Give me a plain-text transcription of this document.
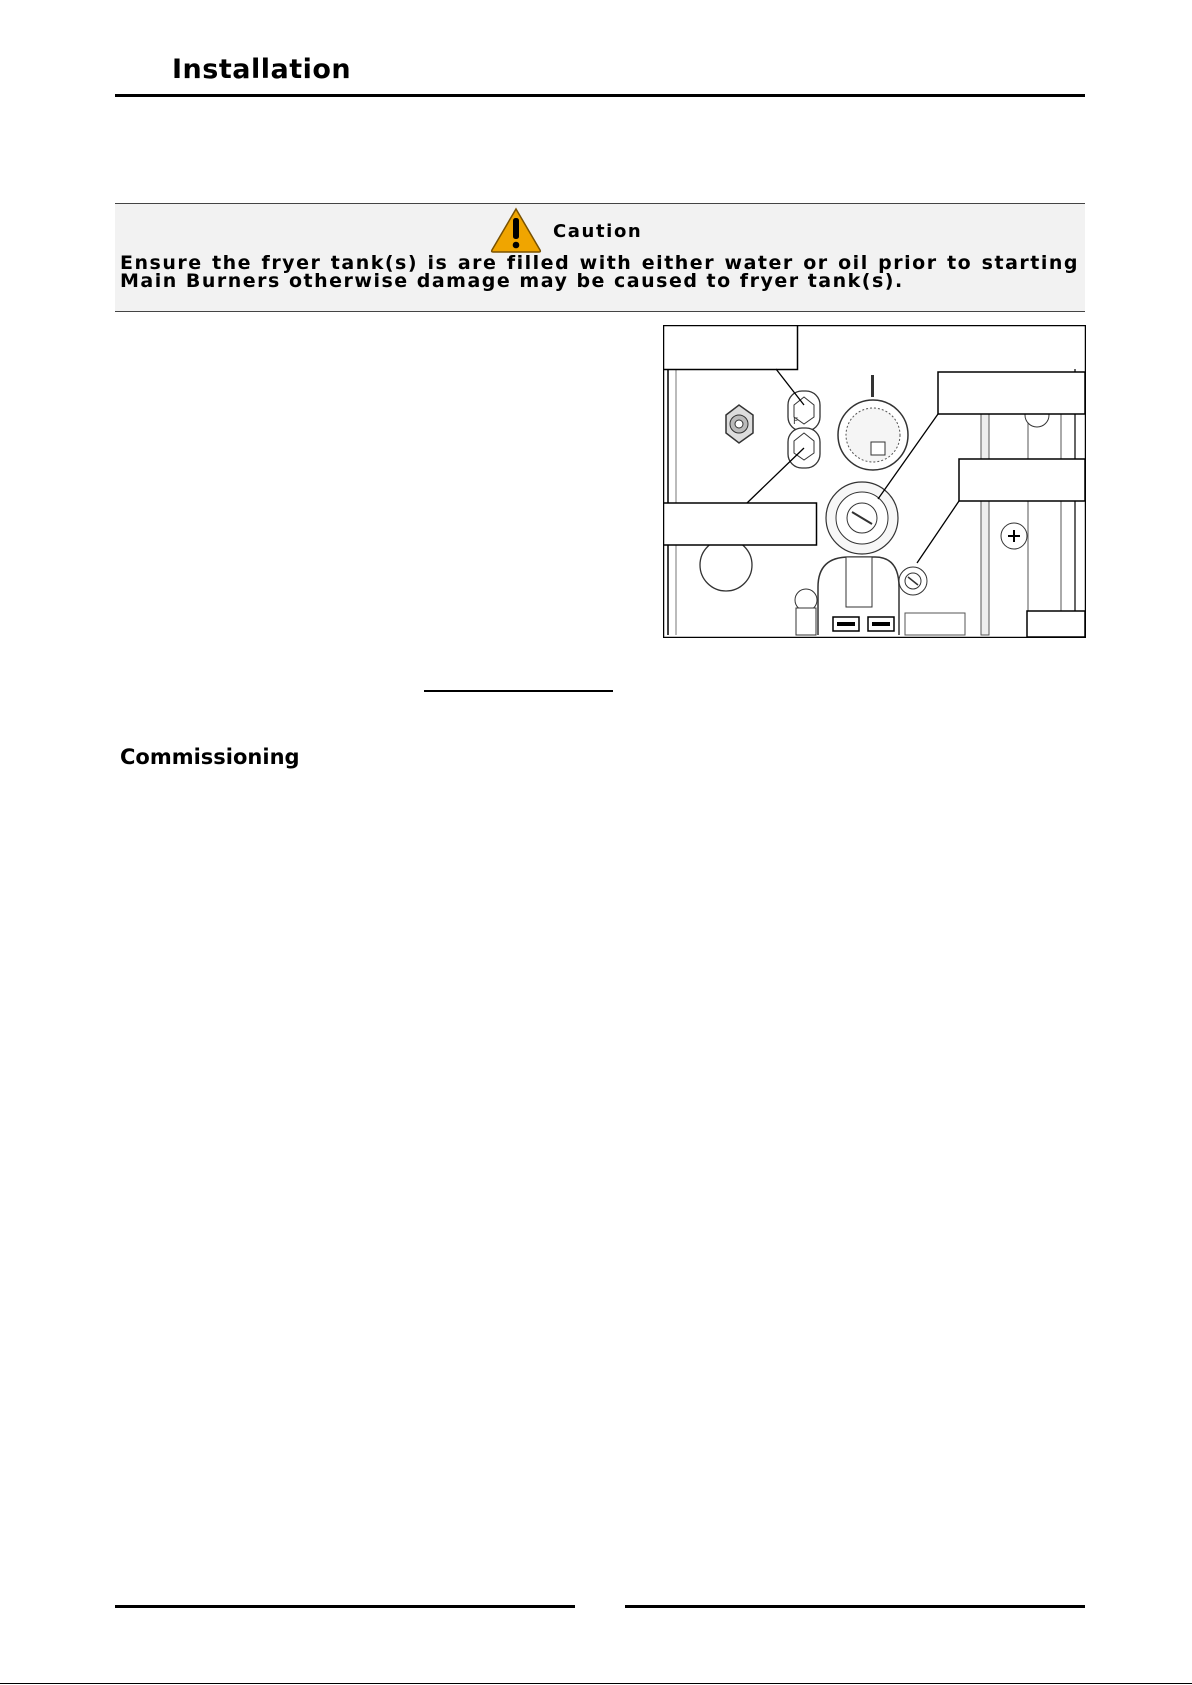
Installation
Caution
Ensure the fryer tank(s) is are filled with either water or oil prior to starting Main Burners otherwise damage may be caused to fryer tank(s).
F
Commissioning
